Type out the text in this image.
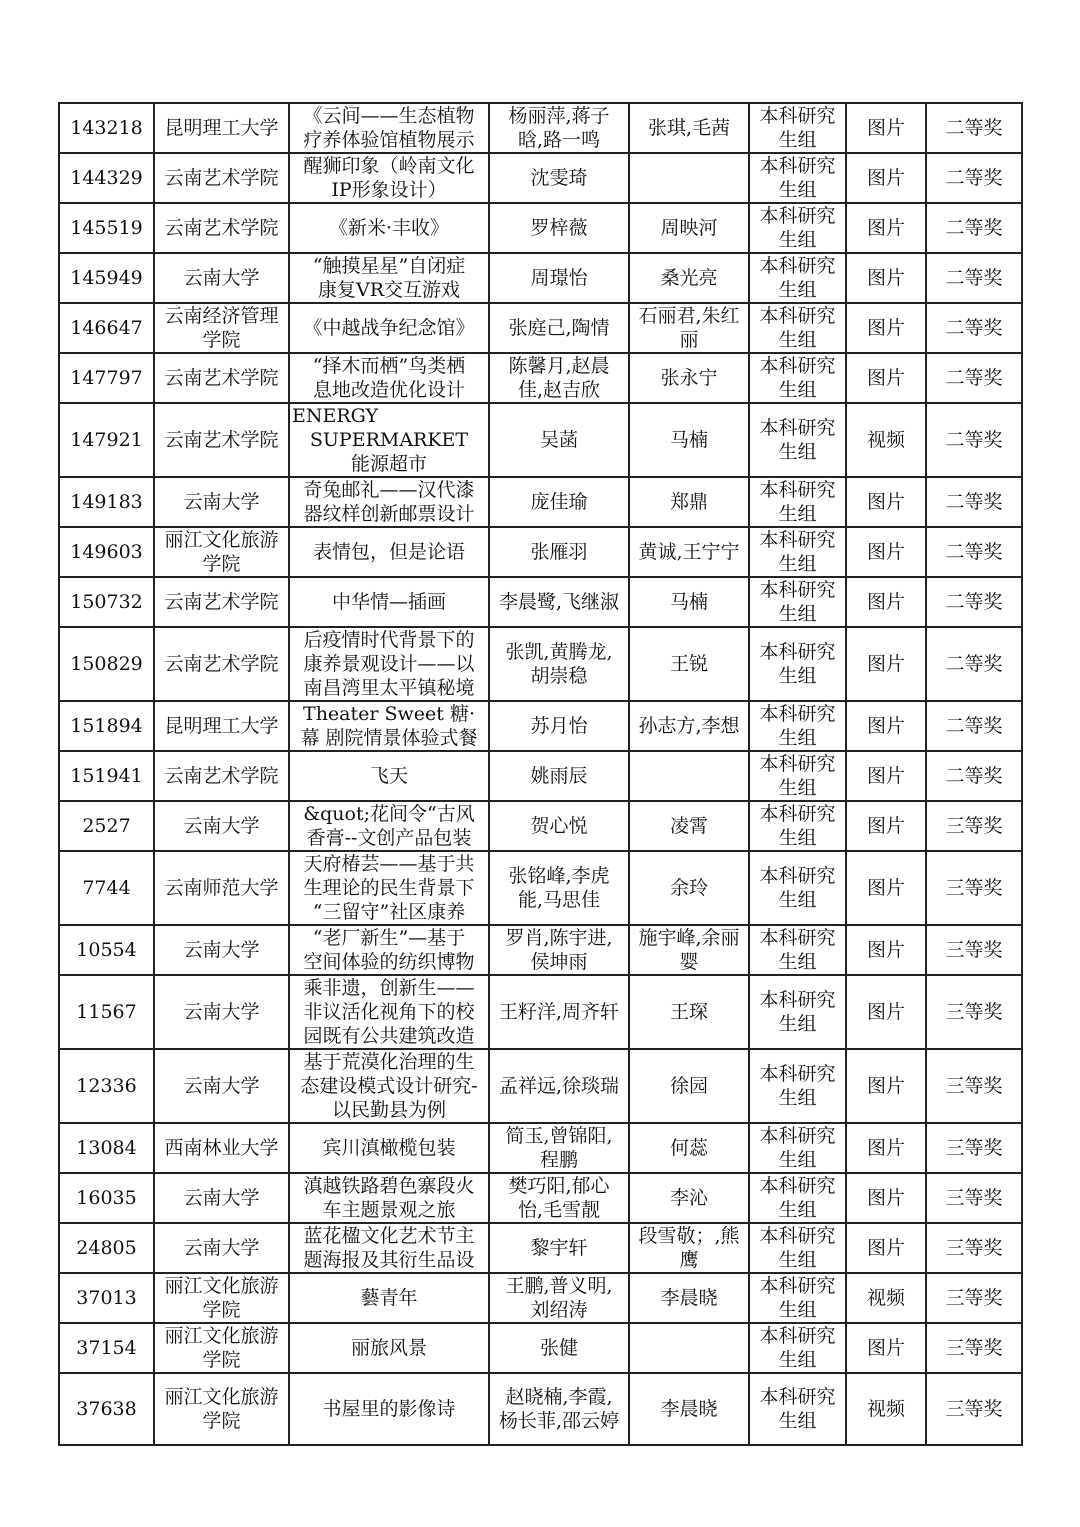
143218	昆明理工大学	《云间——生态植物
疗养体验馆植物展示	杨丽萍,蒋子
晗,路一鸣	张琪,毛茜	本科研究
生组	图片	二等奖
144329	云南艺术学院	醒狮印象（岭南文化
IP形象设计）	沈雯琦		本科研究
生组	图片	二等奖
145519	云南艺术学院	《新米·丰收》	罗梓薇	周映河	本科研究
生组	图片	二等奖
145949	云南大学	“触摸星星”自闭症
康复VR交互游戏	周璟怡	桑光亮	本科研究
生组	图片	二等奖
146647	云南经济管理
学院	《中越战争纪念馆》	张庭己,陶情	石丽君,朱红
丽	本科研究
生组	图片	二等奖
147797	云南艺术学院	“择木而栖”鸟类栖
息地改造优化设计	陈馨月,赵晨
佳,赵吉欣	张永宁	本科研究
生组	图片	二等奖
147921	云南艺术学院	ENERGY SUPERMARKET
能源超市	吴菡	马楠	本科研究
生组	视频	二等奖
149183	云南大学	奇兔邮礼——汉代漆
器纹样创新邮票设计	庞佳瑜	郑鼎	本科研究
生组	图片	二等奖
149603	丽江文化旅游
学院	表情包，但是论语	张雁羽	黄诚,王宁宁	本科研究
生组	图片	二等奖
150732	云南艺术学院	中华情—插画	李晨鹭,飞继淑	马楠	本科研究
生组	图片	二等奖
150829	云南艺术学院	后疫情时代背景下的
康养景观设计——以
南昌湾里太平镇秘境	张凯,黄腾龙,
胡崇稳	王锐	本科研究
生组	图片	二等奖
151894	昆明理工大学	Theater Sweet 糖·
幕 剧院情景体验式餐	苏月怡	孙志方,李想	本科研究
生组	图片	二等奖
151941	云南艺术学院	飞天	姚雨辰		本科研究
生组	图片	二等奖
2527	云南大学	&quot;花间令“古风
香膏--文创产品包装	贺心悦	凌霄	本科研究
生组	图片	三等奖
7744	云南师范大学	天府椿芸——基于共
生理论的民生背景下
“三留守”社区康养	张铭峰,李虎
能,马思佳	余玲	本科研究
生组	图片	三等奖
10554	云南大学	“老厂新生”—基于
空间体验的纺织博物	罗肖,陈宇进,
侯坤雨	施宇峰,余丽
婴	本科研究
生组	图片	三等奖
11567	云南大学	乘非遗，创新生——
非议活化视角下的校
园既有公共建筑改造	王籽洋,周齐轩	王琛	本科研究
生组	图片	三等奖
12336	云南大学	基于荒漠化治理的生
态建设模式设计研究-
以民勤县为例	孟祥远,徐琰瑞	徐园	本科研究
生组	图片	三等奖
13084	西南林业大学	宾川滇橄榄包装	简玉,曾锦阳,
程鹏	何蕊	本科研究
生组	图片	三等奖
16035	云南大学	滇越铁路碧色寨段火
车主题景观之旅	樊巧阳,郁心
怡,毛雪靓	李沁	本科研究
生组	图片	三等奖
24805	云南大学	蓝花楹文化艺术节主
题海报及其衍生品设	黎宇轩	段雪敬；,熊
鹰	本科研究
生组	图片	三等奖
37013	丽江文化旅游
学院	藝青年	王鹏,普义明,
刘绍涛	李晨晓	本科研究
生组	视频	三等奖
37154	丽江文化旅游
学院	丽旅风景	张健		本科研究
生组	图片	三等奖
37638	丽江文化旅游
学院	书屋里的影像诗	赵晓楠,李霞,
杨长菲,邵云婷	李晨晓	本科研究
生组	视频	三等奖
